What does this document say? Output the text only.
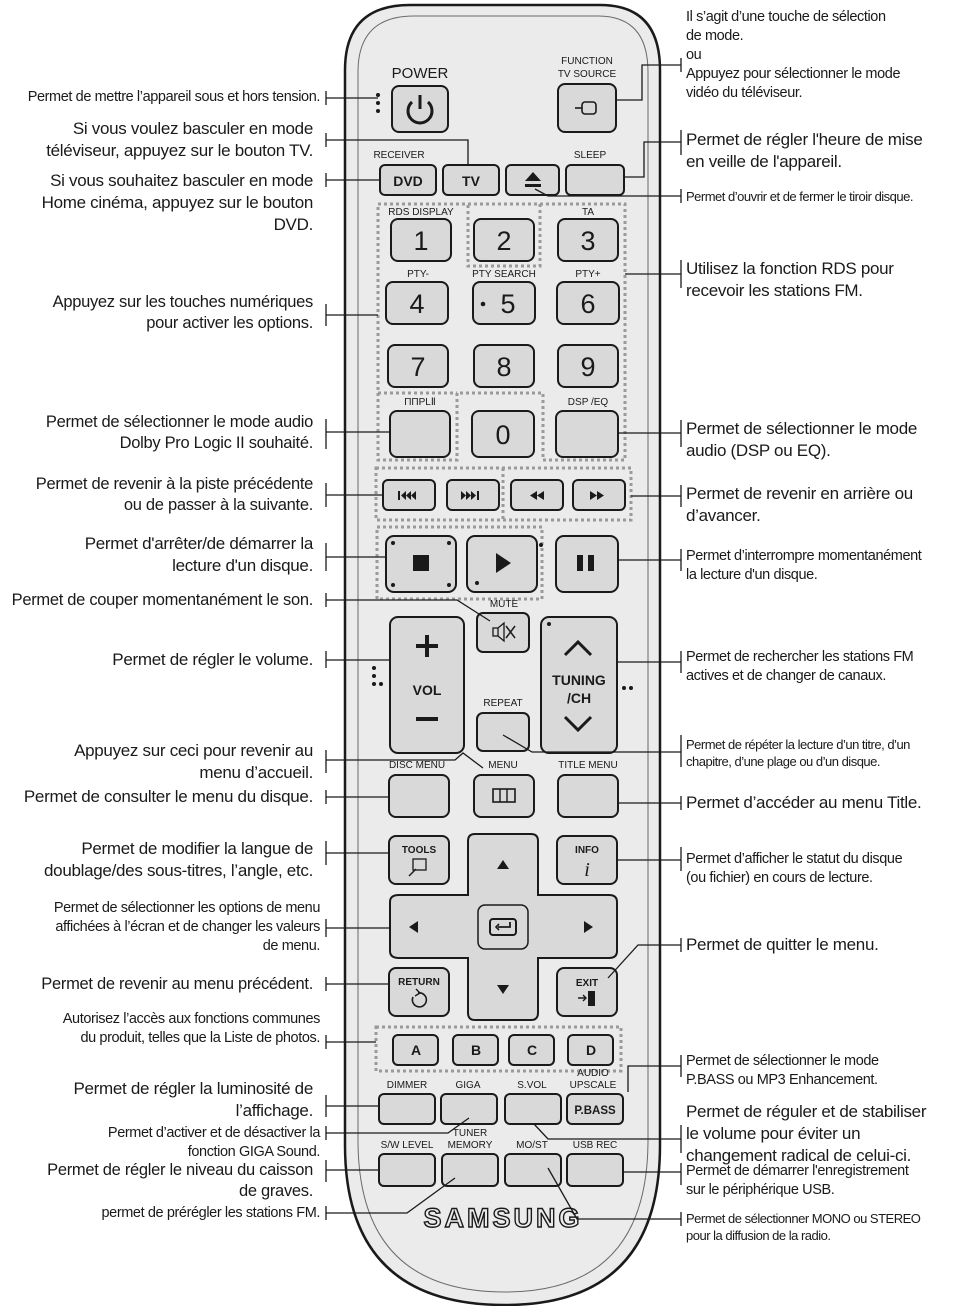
POWER
FUNCTION
TV SOURCE
RECEIVER
DVD	TV
SLEEP
RDS DISPLAY	TA
1	2	3
PTY-	PTY SEARCH	PTY+
4	5 6
7	8	9
ΠΠPLⅡ
0
DSP /EQ
MUTE
VOL
TUNING
/CH
REPEAT
DISC MENU	MENU	TITLE MENU
TOOLS	INFO
i
RETURN	EXIT
A	B	C	D
DIMMER	GIGA	S.VOL
AUDIO
UPSCALE
P.BASS
S/W LEVEL
TUNER
MEMORY MO/ST USB REC
SAMSUNG
Permet de mettre l’appareil sous et hors tension.
Si vous voulez basculer en mode
téléviseur, appuyez sur le bouton TV.
Si vous souhaitez basculer en mode
Home cinéma, appuyez sur le bouton
DVD.
Appuyez sur les touches numériques
pour activer les options.
Permet de sélectionner le mode audio
Dolby Pro Logic II souhaité.
Permet de revenir à la piste précédente
ou de passer à la suivante.
Permet d'arrêter/de démarrer la
lecture d'un disque.
Permet de couper momentanément le son.
Permet de régler le volume.
Appuyez sur ceci pour revenir au
menu d’accueil.
Permet de consulter le menu du disque.
Permet de modifier la langue de
doublage/des sous-titres, l’angle, etc.
Permet de sélectionner les options de menu
affichées à l’écran et de changer les valeurs
de menu.
Permet de revenir au menu précédent.
Autorisez l’accès aux fonctions communes
du produit, telles que la Liste de photos.
Permet de régler la luminosité de
l’affichage.
Permet d’activer et de désactiver la
fonction GIGA Sound.
Permet de régler le niveau du caisson
de graves.
permet de prérégler les stations FM.
Il s’agit d’une touche de sélection
de mode.
ou
Appuyez pour sélectionner le mode
vidéo du téléviseur.
Permet de régler l'heure de mise
en veille de l'appareil.
Permet d’ouvrir et de fermer le tiroir disque.
Utilisez la fonction RDS pour
recevoir les stations FM.
Permet de sélectionner le mode
audio (DSP ou EQ).
Permet de revenir en arrière ou
d’avancer.
Permet d’interrompre momentanément
la lecture d'un disque.
Permet de rechercher les stations FM
actives et de changer de canaux.
Permet de répéter la lecture d’un titre, d’un
chapitre, d’une plage ou d’un disque.
Permet d’accéder au menu Title.
Permet d’afficher le statut du disque
(ou fichier) en cours de lecture.
Permet de quitter le menu.
Permet de sélectionner le mode
P.BASS ou MP3 Enhancement.
Permet de réguler et de stabiliser
le volume pour éviter un
changement radical de celui-ci.
Permet de démarrer l'enregistrement
sur le périphérique USB.
Permet de sélectionner MONO ou STEREO
pour la diffusion de la radio.
